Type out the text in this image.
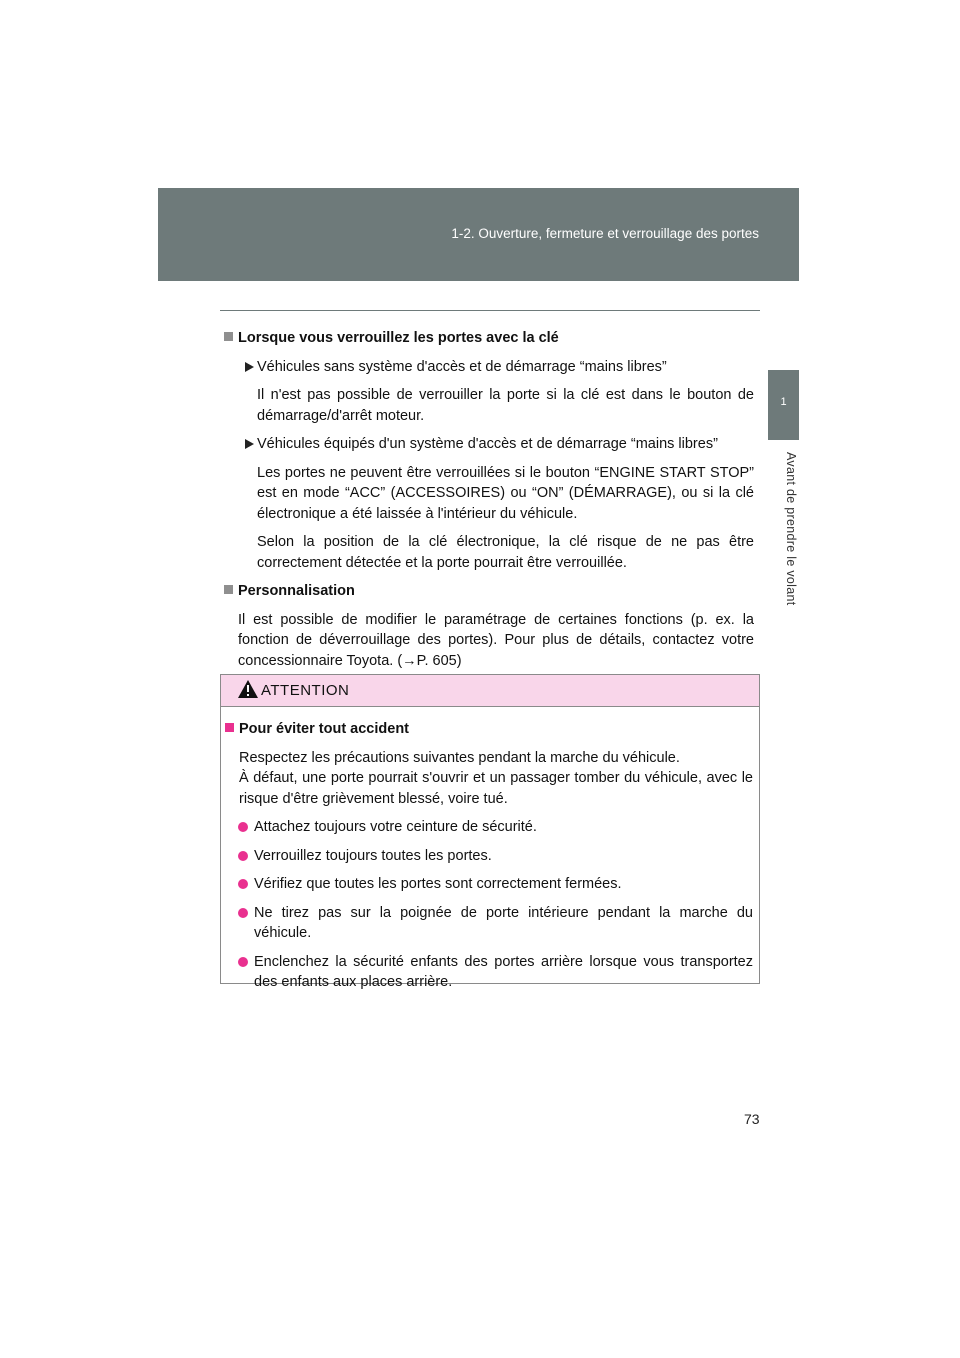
1-2. Ouverture, fermeture et verrouillage des portes
1
Avant de prendre le volant
Lorsque vous verrouillez les portes avec la clé
Véhicules sans système d'accès et de démarrage “mains libres”
Il n'est pas possible de verrouiller la porte si la clé est dans le bouton de démarrage/d'arrêt moteur.
Véhicules équipés d'un système d'accès et de démarrage “mains libres”
Les portes ne peuvent être verrouillées si le bouton “ENGINE START STOP” est en mode “ACC” (ACCESSOIRES) ou “ON” (DÉMARRAGE), ou si la clé électronique a été laissée à l'intérieur du véhicule.
Selon la position de la clé électronique, la clé risque de ne pas être correctement détectée et la porte pourrait être verrouillée.
Personnalisation
Il est possible de modifier le paramétrage de certaines fonctions (p. ex. la fonction de déverrouillage des portes). Pour plus de détails, contactez votre concessionnaire Toyota. (→P. 605)
ATTENTION
Pour éviter tout accident
Respectez les précautions suivantes pendant la marche du véhicule.
À défaut, une porte pourrait s'ouvrir et un passager tomber du véhicule, avec le risque d'être grièvement blessé, voire tué.
Attachez toujours votre ceinture de sécurité.
Verrouillez toujours toutes les portes.
Vérifiez que toutes les portes sont correctement fermées.
Ne tirez pas sur la poignée de porte intérieure pendant la marche du véhicule.
Enclenchez la sécurité enfants des portes arrière lorsque vous transportez des enfants aux places arrière.
73
